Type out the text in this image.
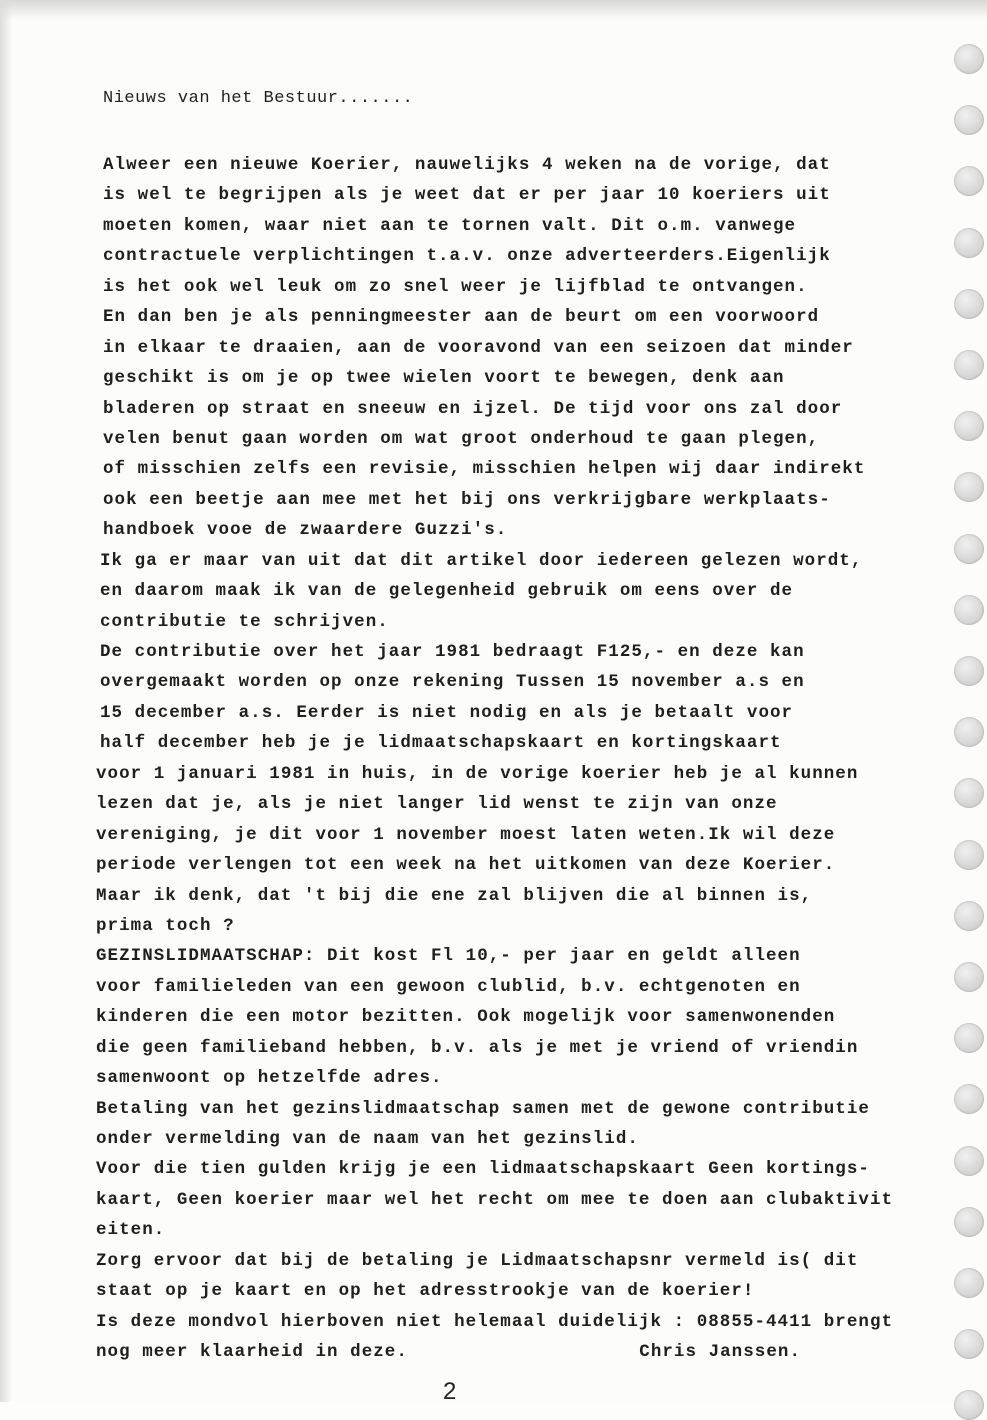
Nieuws van het Bestuur.......
Alweer een nieuwe Koerier, nauwelijks 4 weken na de vorige, dat
is wel te begrijpen als je weet dat er per jaar 10 koeriers uit
moeten komen, waar niet aan te tornen valt. Dit o.m. vanwege
contractuele verplichtingen t.a.v. onze adverteerders.Eigenlijk
is het ook wel leuk om zo snel weer je lijfblad te ontvangen.
En dan ben je als penningmeester aan de beurt om een voorwoord
in elkaar te draaien, aan de vooravond van een seizoen dat minder
geschikt is om je op twee wielen voort te bewegen, denk aan
bladeren op straat en sneeuw en ijzel. De tijd voor ons zal door
velen benut gaan worden om wat groot onderhoud te gaan plegen,
of misschien zelfs een revisie, misschien helpen wij daar indirekt
ook een beetje aan mee met het bij ons verkrijgbare werkplaats-
handboek vooe de zwaardere Guzzi's.
Ik ga er maar van uit dat dit artikel door iedereen gelezen wordt,
en daarom maak ik van de gelegenheid gebruik om eens over de
contributie te schrijven.
De contributie over het jaar 1981 bedraagt F125,- en deze kan
overgemaakt worden op onze rekening Tussen 15 november a.s en
15 december a.s. Eerder is niet nodig en als je betaalt voor
half december heb je je lidmaatschapskaart en kortingskaart
voor 1 januari 1981 in huis, in de vorige koerier heb je al kunnen
lezen dat je, als je niet langer lid wenst te zijn van onze
vereniging, je dit voor 1 november moest laten weten.Ik wil deze
periode verlengen tot een week na het uitkomen van deze Koerier.
Maar ik denk, dat 't bij die ene zal blijven die al binnen is,
prima toch ?
GEZINSLIDMAATSCHAP: Dit kost Fl 10,- per jaar en geldt alleen
voor familieleden van een gewoon clublid, b.v. echtgenoten en
kinderen die een motor bezitten. Ook mogelijk voor samenwonenden
die geen familieband hebben, b.v. als je met je vriend of vriendin
samenwoont op hetzelfde adres.
Betaling van het gezinslidmaatschap samen met de gewone contributie
onder vermelding van de naam van het gezinslid.
Voor die tien gulden krijg je een lidmaatschapskaart Geen kortings-
kaart, Geen koerier maar wel het recht om mee te doen aan clubaktivit
eiten.
Zorg ervoor dat bij de betaling je Lidmaatschapsnr vermeld is( dit
staat op je kaart en op het adresstrookje van de koerier!
Is deze mondvol hierboven niet helemaal duidelijk : 08855-4411 brengt
nog meer klaarheid in deze.	Chris Janssen.
2
